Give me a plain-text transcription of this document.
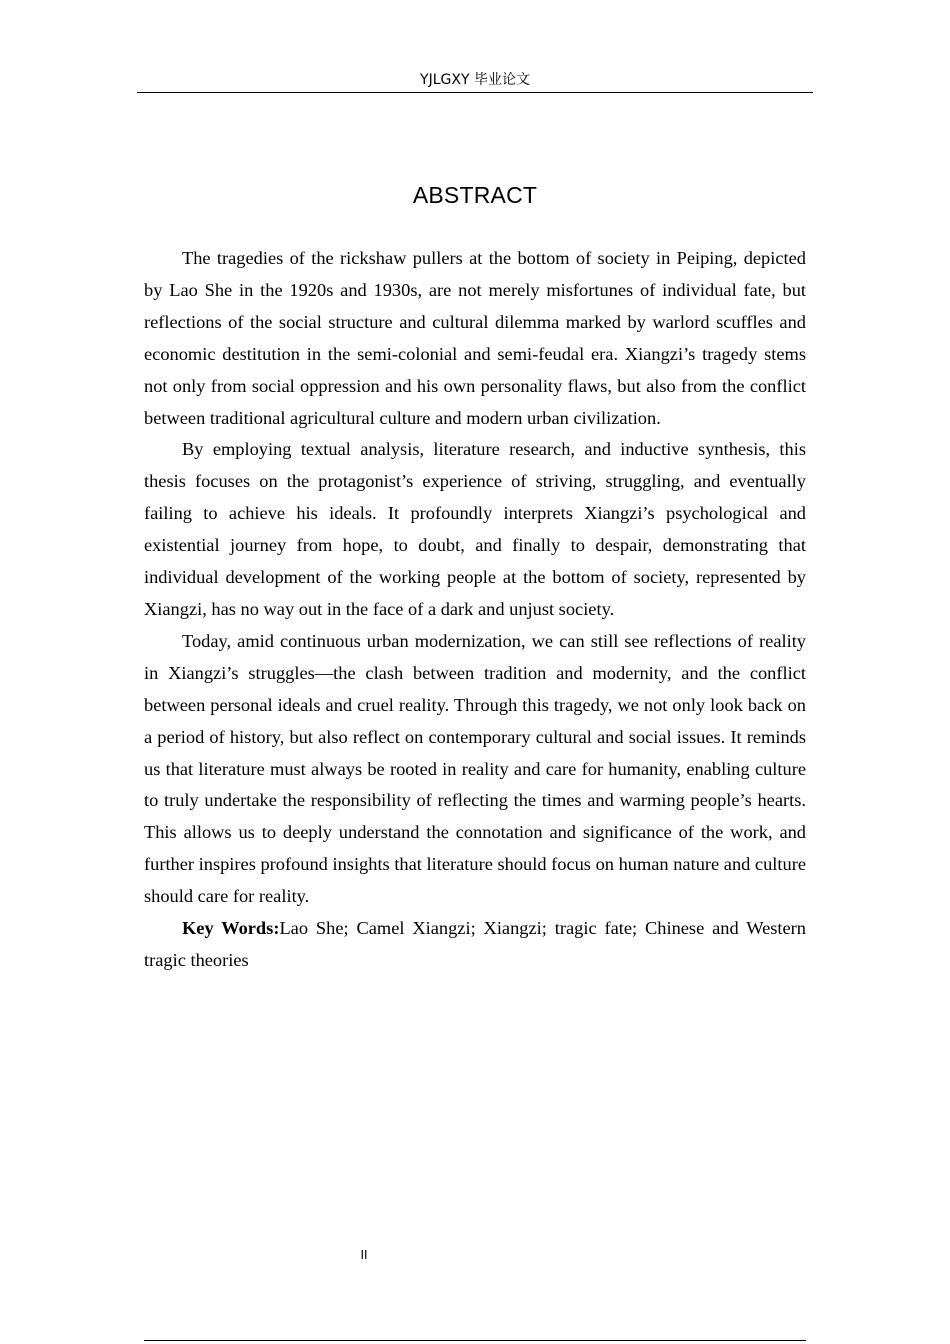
YJLGXY 毕业论文
ABSTRACT

The tragedies of the rickshaw pullers at the bottom of society in Peiping, depicted by Lao She in the 1920s and 1930s, are not merely misfortunes of individual fate, but reflections of the social structure and cultural dilemma marked by warlord scuffles and economic destitution in the semi-colonial and semi-feudal era. Xiangzi’s tragedy stems not only from social oppression and his own personality flaws, but also from the conflict between traditional agricultural culture and modern urban civilization.

By employing textual analysis, literature research, and inductive synthesis, this thesis focuses on the protagonist’s experience of striving, struggling, and eventually failing to achieve his ideals. It profoundly interprets Xiangzi’s psychological and existential journey from hope, to doubt, and finally to despair, demonstrating that individual development of the working people at the bottom of society, represented by Xiangzi, has no way out in the face of a dark and unjust society.

Today, amid continuous urban modernization, we can still see reflections of reality in Xiangzi’s struggles—the clash between tradition and modernity, and the conflict between personal ideals and cruel reality. Through this tragedy, we not only look back on a period of history, but also reflect on contemporary cultural and social issues. It reminds us that literature must always be rooted in reality and care for humanity, enabling culture to truly undertake the responsibility of reflecting the times and warming people’s hearts. This allows us to deeply understand the connotation and significance of the work, and further inspires profound insights that literature should focus on human nature and culture should care for reality.

Key Words:Lao She; Camel Xiangzi; Xiangzi; tragic fate; Chinese and Western tragic theories

II
